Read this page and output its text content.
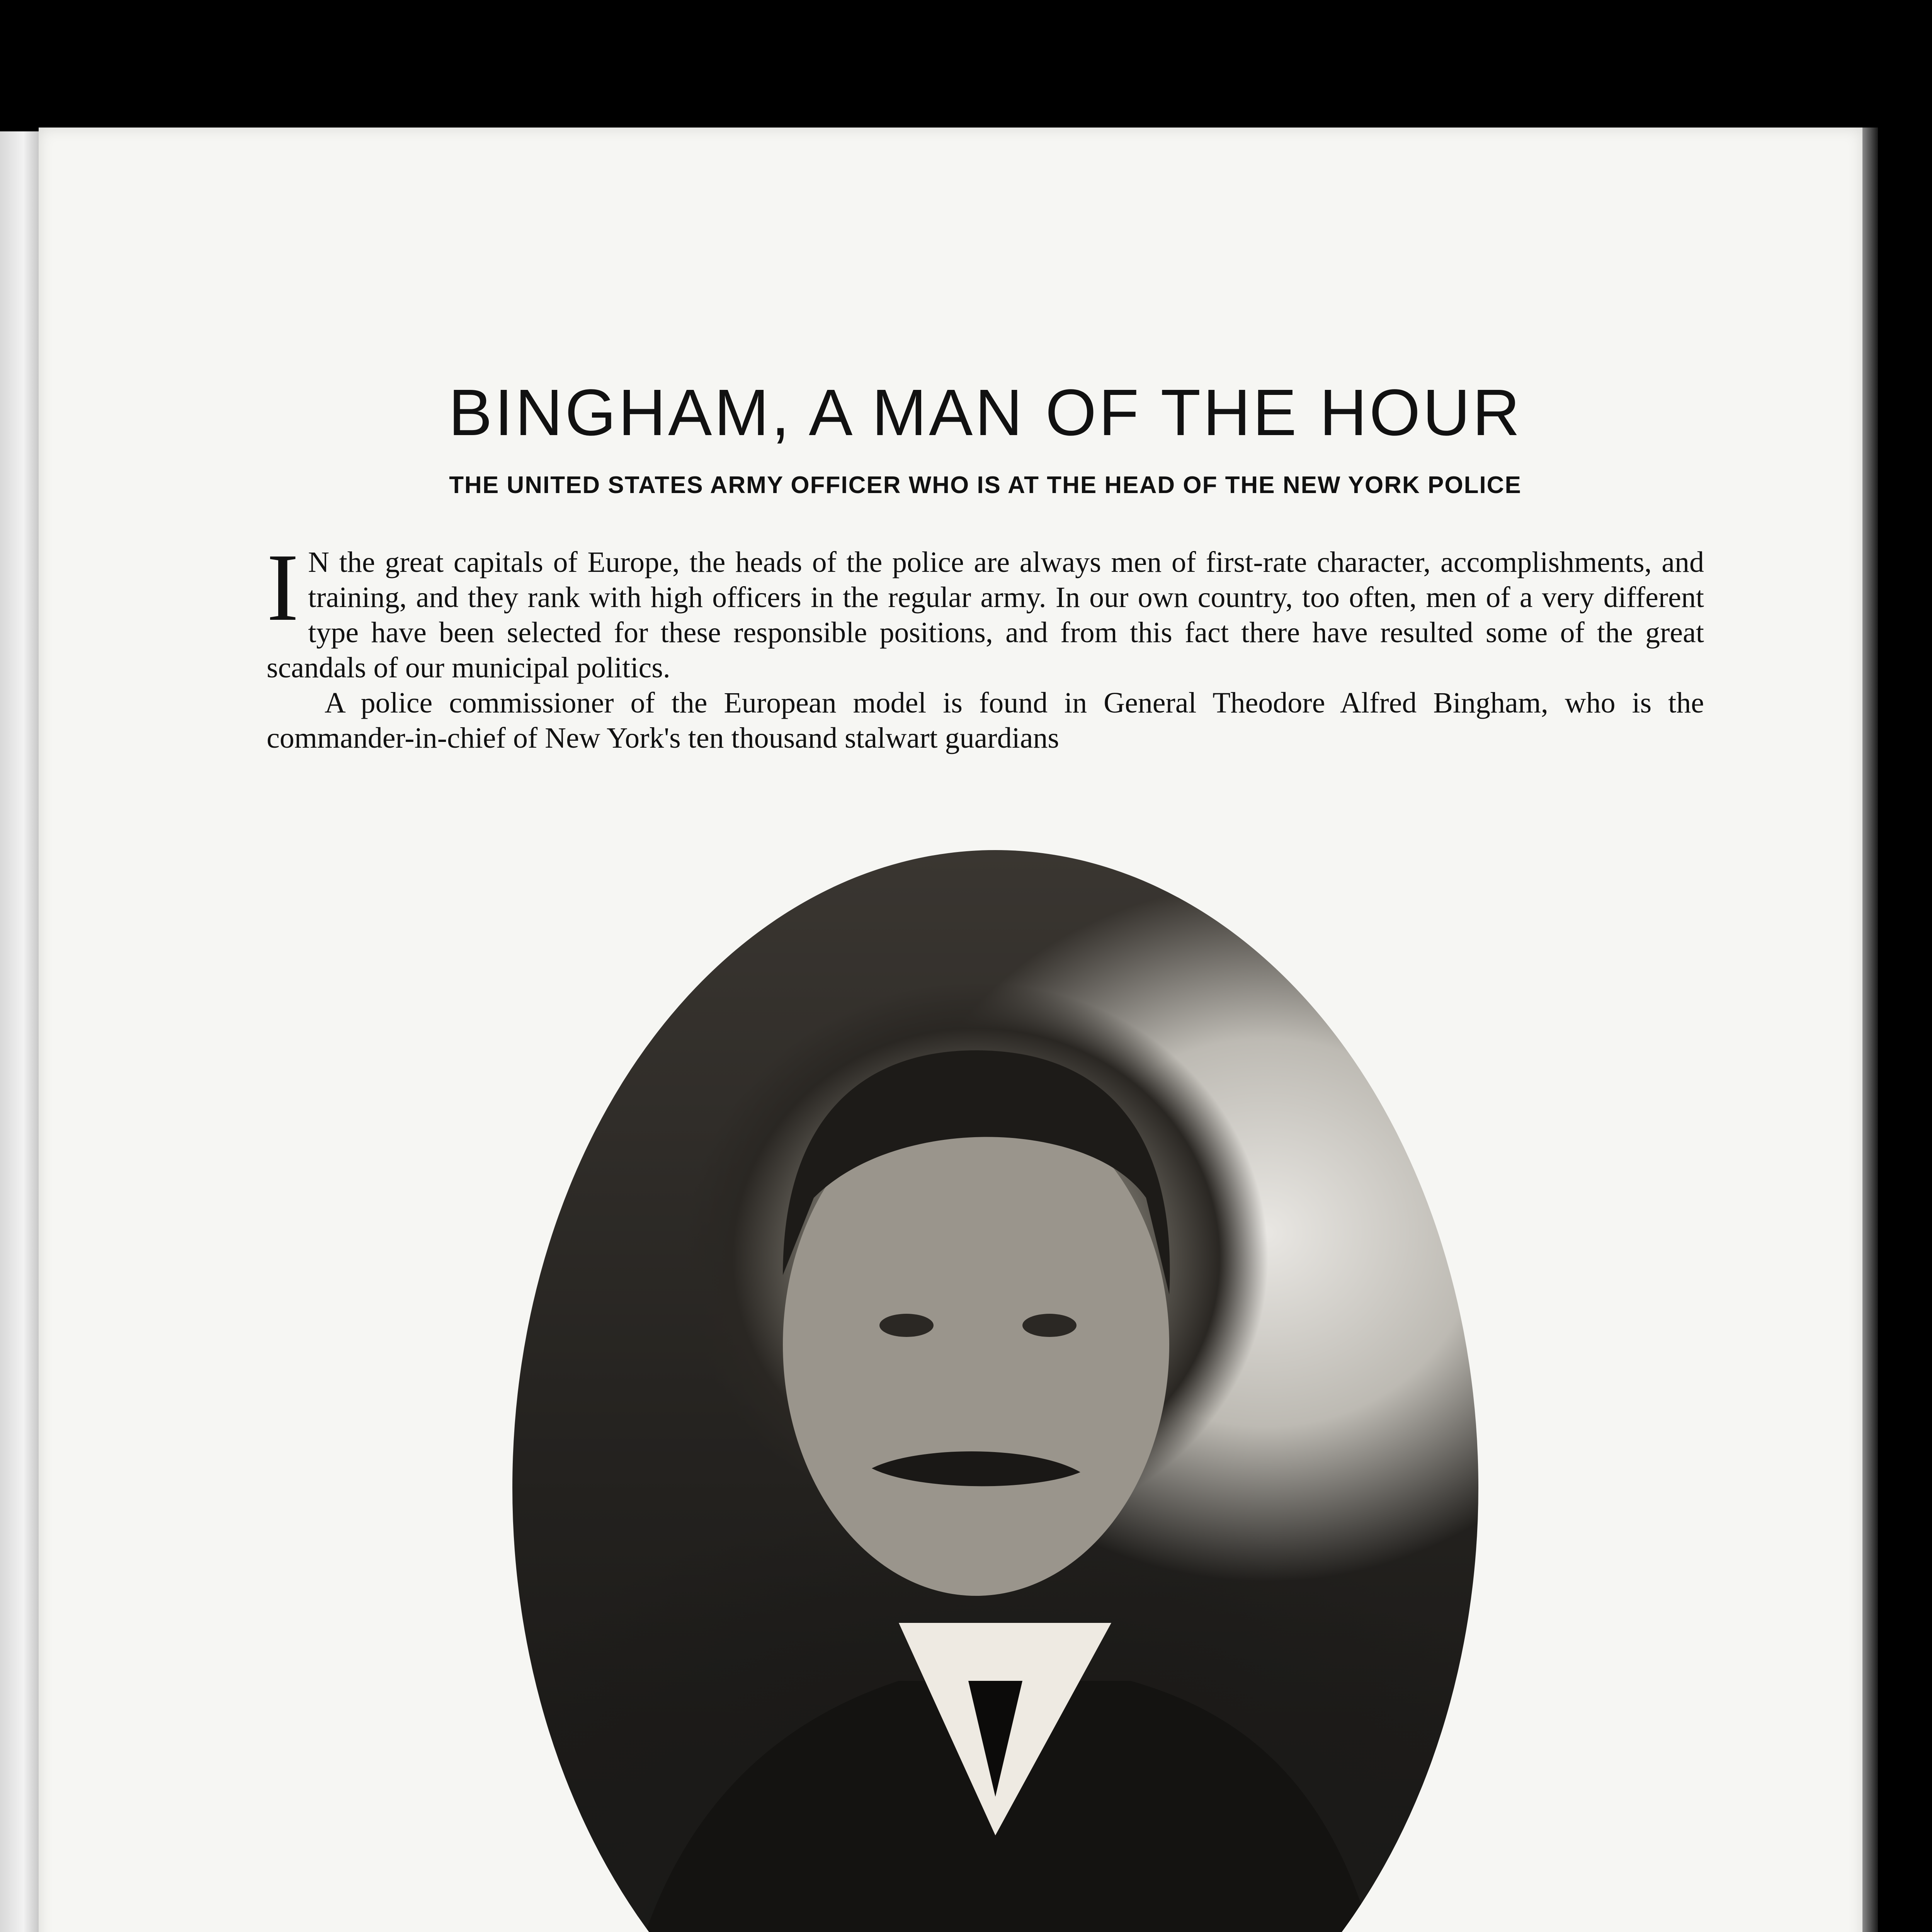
BINGHAM, A MAN OF THE HOUR
THE UNITED STATES ARMY OFFICER WHO IS AT THE HEAD OF THE NEW YORK POLICE

I N the great capitals of Europe, the heads of the police are always men of first-rate character, accomplishments, and training, and they rank with high officers in the regular army. In our own country, too often, men of a very different type have been selected for these responsible positions, and from this fact there have resulted some of the great scandals of our municipal politics.

A police commissioner of the European model is found in General Theodore Alfred Bingham, who is the commander-in-chief of New York's ten thousand stalwart guardians
